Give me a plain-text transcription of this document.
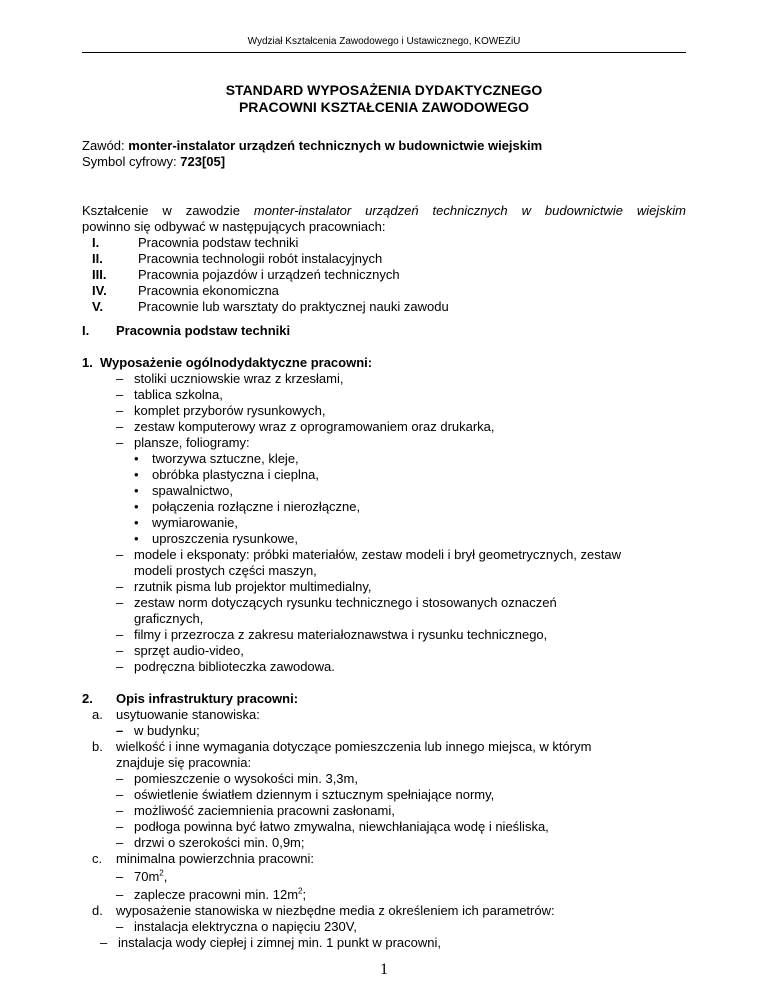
Wydział Kształcenia Zawodowego i Ustawicznego, KOWEZiU
STANDARD WYPOSAŻENIA DYDAKTYCZNEGO
PRACOWNI KSZTAŁCENIA ZAWODOWEGO
Zawód: monter-instalator urządzeń technicznych w budownictwie wiejskim
Symbol cyfrowy: 723[05]
Kształcenie w zawodzie monter-instalator urządzeń technicznych w budownictwie wiejskim
powinno się odbywać w następujących pracowniach:
I.	Pracownia podstaw techniki
II.	Pracownia technologii robót instalacyjnych
III. Pracownia pojazdów i urządzeń technicznych
IV. Pracownia ekonomiczna
V.	Pracownie lub warsztaty do praktycznej nauki zawodu
I. Pracownia podstaw techniki
1. Wyposażenie ogólnodydaktyczne pracowni:
– stoliki uczniowskie wraz z krzesłami,
– tablica szkolna,
– komplet przyborów rysunkowych,
– zestaw komputerowy wraz z oprogramowaniem oraz drukarka,
– plansze, foliogramy:
• tworzywa sztuczne, kleje,
• obróbka plastyczna i cieplna,
• spawalnictwo,
• połączenia rozłączne i nierozłączne,
• wymiarowanie,
• uproszczenia rysunkowe,
– modele i eksponaty: próbki materiałów, zestaw modeli i brył geometrycznych, zestaw
modeli prostych części maszyn,
– rzutnik pisma lub projektor multimedialny,
– zestaw norm dotyczących rysunku technicznego i stosowanych oznaczeń
graficznych,
– filmy i przezrocza z zakresu materiałoznawstwa i rysunku technicznego,
– sprzęt audio-video,
– podręczna biblioteczka zawodowa.
2. Opis infrastruktury pracowni:
a. usytuowanie stanowiska:
– w budynku;
b. wielkość i inne wymagania dotyczące pomieszczenia lub innego miejsca, w którym
znajduje się pracownia:
– pomieszczenie o wysokości min. 3,3m,
– oświetlenie światłem dziennym i sztucznym spełniające normy,
– możliwość zaciemnienia pracowni zasłonami,
– podłoga powinna być łatwo zmywalna, niewchłaniająca wodę i nieśliska,
– drzwi o szerokości min. 0,9m;
c. minimalna powierzchnia pracowni:
– $70m^2$,
– zaplecze pracowni min. $12m^2$;
d. wyposażenie stanowiska w niezbędne media z określeniem ich parametrów:
– instalacja elektryczna o napięciu 230V,
– instalacja wody ciepłej i zimnej min. 1 punkt w pracowni,
1
